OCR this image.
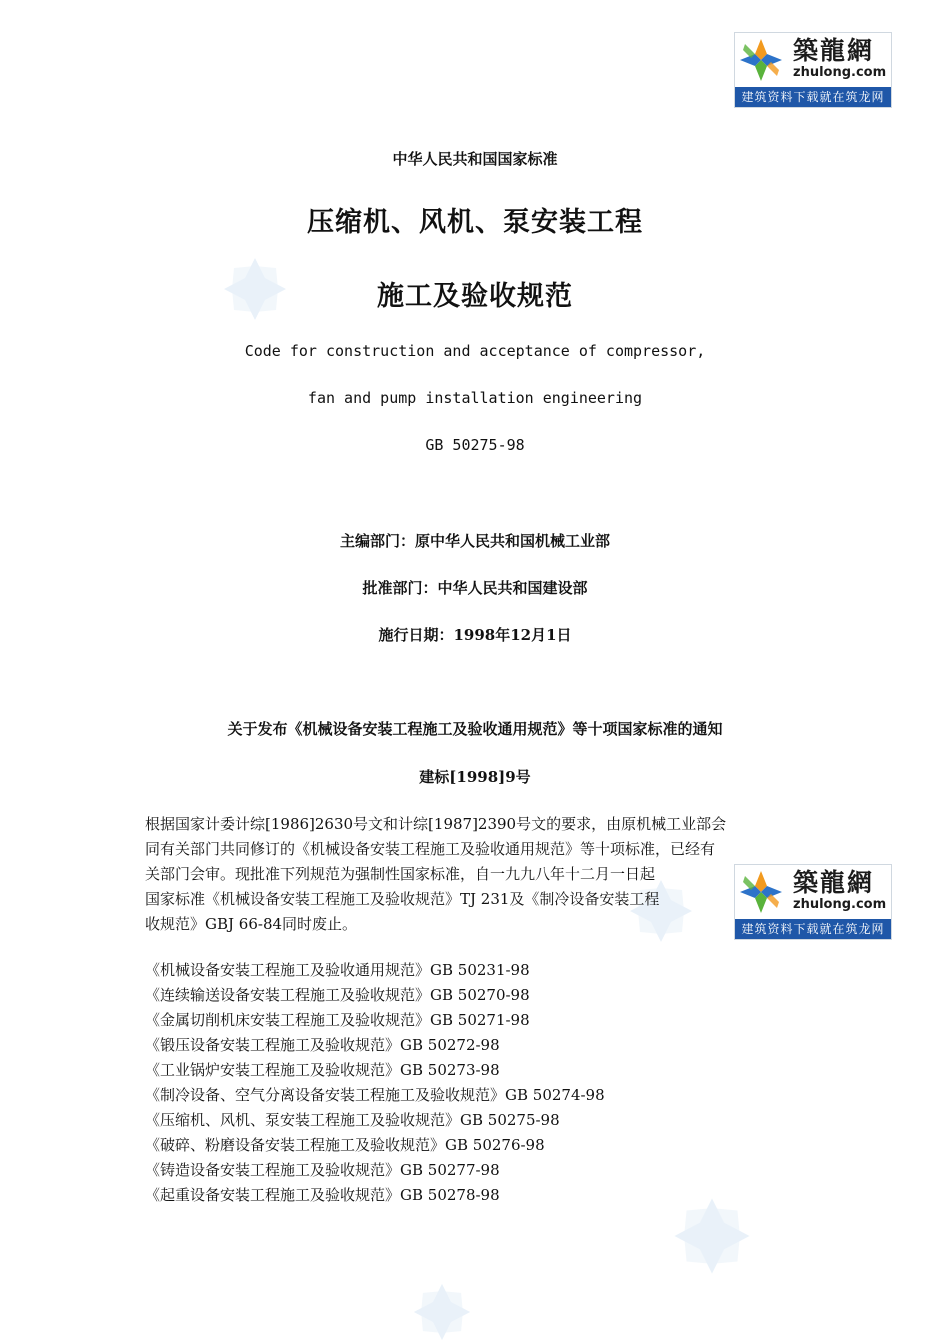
築龍網
zhulong.com
建筑资料下载就在筑龙网
築龍網
zhulong.com
建筑资料下载就在筑龙网
中华人民共和国国家标准
压缩机、风机、泵安装工程
施工及验收规范
Code for construction and acceptance of compressor,
fan and pump installation engineering
GB 50275-98
主编部门：原中华人民共和国机械工业部
批准部门：中华人民共和国建设部
施行日期：1998年12月1日
关于发布《机械设备安装工程施工及验收通用规范》等十项国家标准的通知
建标[1998]9号
根据国家计委计综[1986]2630号文和计综[1987]2390号文的要求，由原机械工业部会
同有关部门共同修订的《机械设备安装工程施工及验收通用规范》等十项标准，已经有
关部门会审。现批准下列规范为强制性国家标准，自一九九八年十二月一日起
国家标准《机械设备安装工程施工及验收规范》TJ 231及《制冷设备安装工程
收规范》GBJ 66-84同时废止。
《机械设备安装工程施工及验收通用规范》GB 50231-98
《连续输送设备安装工程施工及验收规范》GB 50270-98
《金属切削机床安装工程施工及验收规范》GB 50271-98
《锻压设备安装工程施工及验收规范》GB 50272-98
《工业锅炉安装工程施工及验收规范》GB 50273-98
《制冷设备、空气分离设备安装工程施工及验收规范》GB 50274-98
《压缩机、风机、泵安装工程施工及验收规范》GB 50275-98
《破碎、粉磨设备安装工程施工及验收规范》GB 50276-98
《铸造设备安装工程施工及验收规范》GB 50277-98
《起重设备安装工程施工及验收规范》GB 50278-98
